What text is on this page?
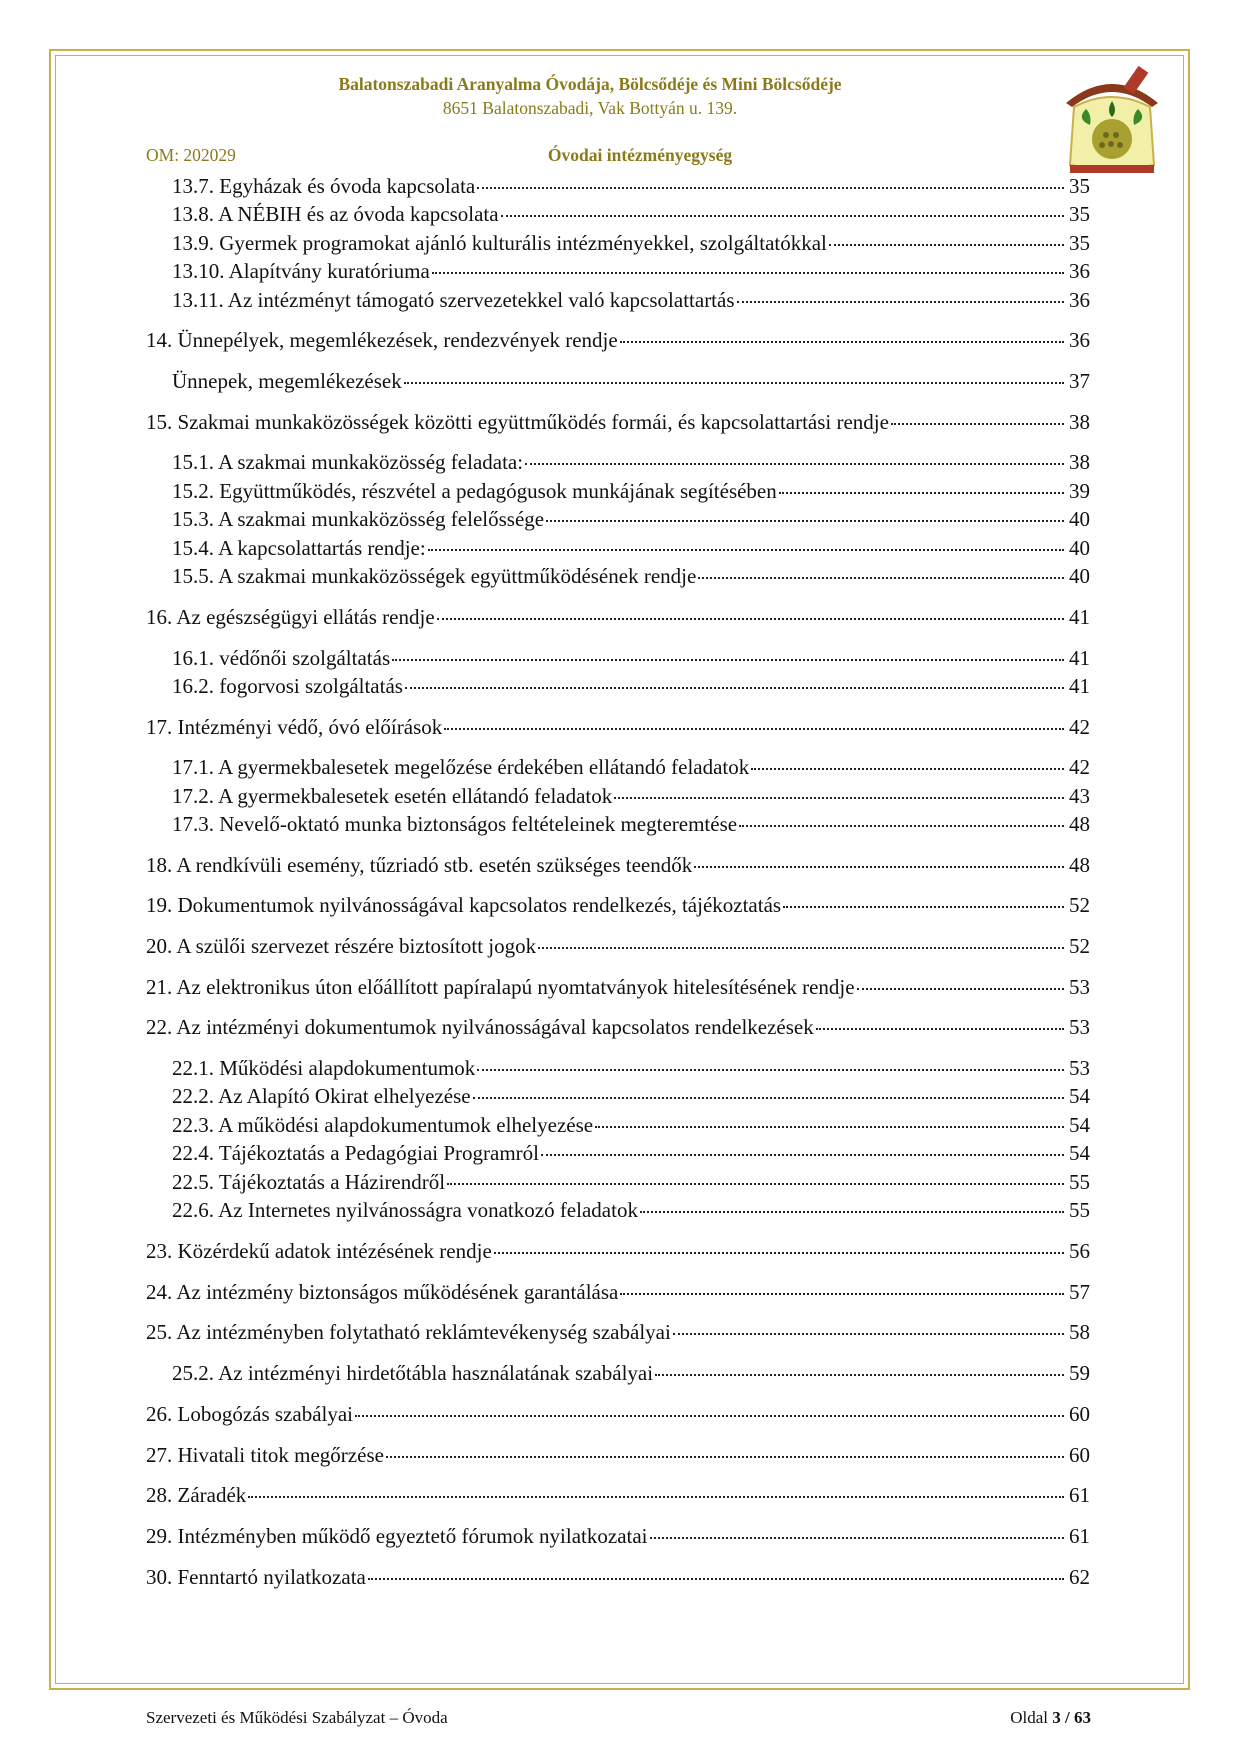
Balatonszabadi Aranyalma Óvodája, Bölcsődéje és Mini Bölcsődéje
8651 Balatonszabadi, Vak Bottyán u. 139.
OM: 202029	Óvodai intézményegység
13.7. Egyházak és óvoda kapcsolata	35
13.8. A NÉBIH és az óvoda kapcsolata	35
13.9. Gyermek programokat ajánló kulturális intézményekkel, szolgáltatókkal	35
13.10. Alapítvány kuratóriuma	36
13.11. Az intézményt támogató szervezetekkel való kapcsolattartás	36
14. Ünnepélyek, megemlékezések, rendezvények rendje	36
Ünnepek, megemlékezések	37
15. Szakmai munkaközösségek közötti együttműködés formái, és kapcsolattartási rendje	38
15.1. A szakmai munkaközösség feladata:	38
15.2. Együttműködés, részvétel a pedagógusok munkájának segítésében	39
15.3. A szakmai munkaközösség felelőssége	40
15.4. A kapcsolattartás rendje:	40
15.5. A szakmai munkaközösségek együttműködésének rendje	40
16. Az egészségügyi ellátás rendje	41
16.1. védőnői szolgáltatás	41
16.2. fogorvosi szolgáltatás	41
17. Intézményi védő, óvó előírások	42
17.1. A gyermekbalesetek megelőzése érdekében ellátandó feladatok	42
17.2. A gyermekbalesetek esetén ellátandó feladatok	43
17.3. Nevelő-oktató munka biztonságos feltételeinek megteremtése	48
18. A rendkívüli esemény, tűzriadó stb. esetén szükséges teendők	48
19. Dokumentumok nyilvánosságával kapcsolatos rendelkezés, tájékoztatás	52
20. A szülői szervezet részére biztosított jogok	52
21. Az elektronikus úton előállított papíralapú nyomtatványok hitelesítésének rendje	53
22. Az intézményi dokumentumok nyilvánosságával kapcsolatos rendelkezések	53
22.1. Működési alapdokumentumok	53
22.2. Az Alapító Okirat elhelyezése	54
22.3. A működési alapdokumentumok elhelyezése	54
22.4. Tájékoztatás a Pedagógiai Programról	54
22.5. Tájékoztatás a Házirendről	55
22.6. Az Internetes nyilvánosságra vonatkozó feladatok	55
23. Közérdekű adatok intézésének rendje	56
24. Az intézmény biztonságos működésének garantálása	57
25. Az intézményben folytatható reklámtevékenység szabályai	58
25.2. Az intézményi hirdetőtábla használatának szabályai	59
26. Lobogózás szabályai	60
27. Hivatali titok megőrzése	60
28. Záradék	61
29. Intézményben működő egyeztető fórumok nyilatkozatai	61
30. Fenntartó nyilatkozata	62
Szervezeti és Működési Szabályzat – Óvoda	Oldal 3 / 63
